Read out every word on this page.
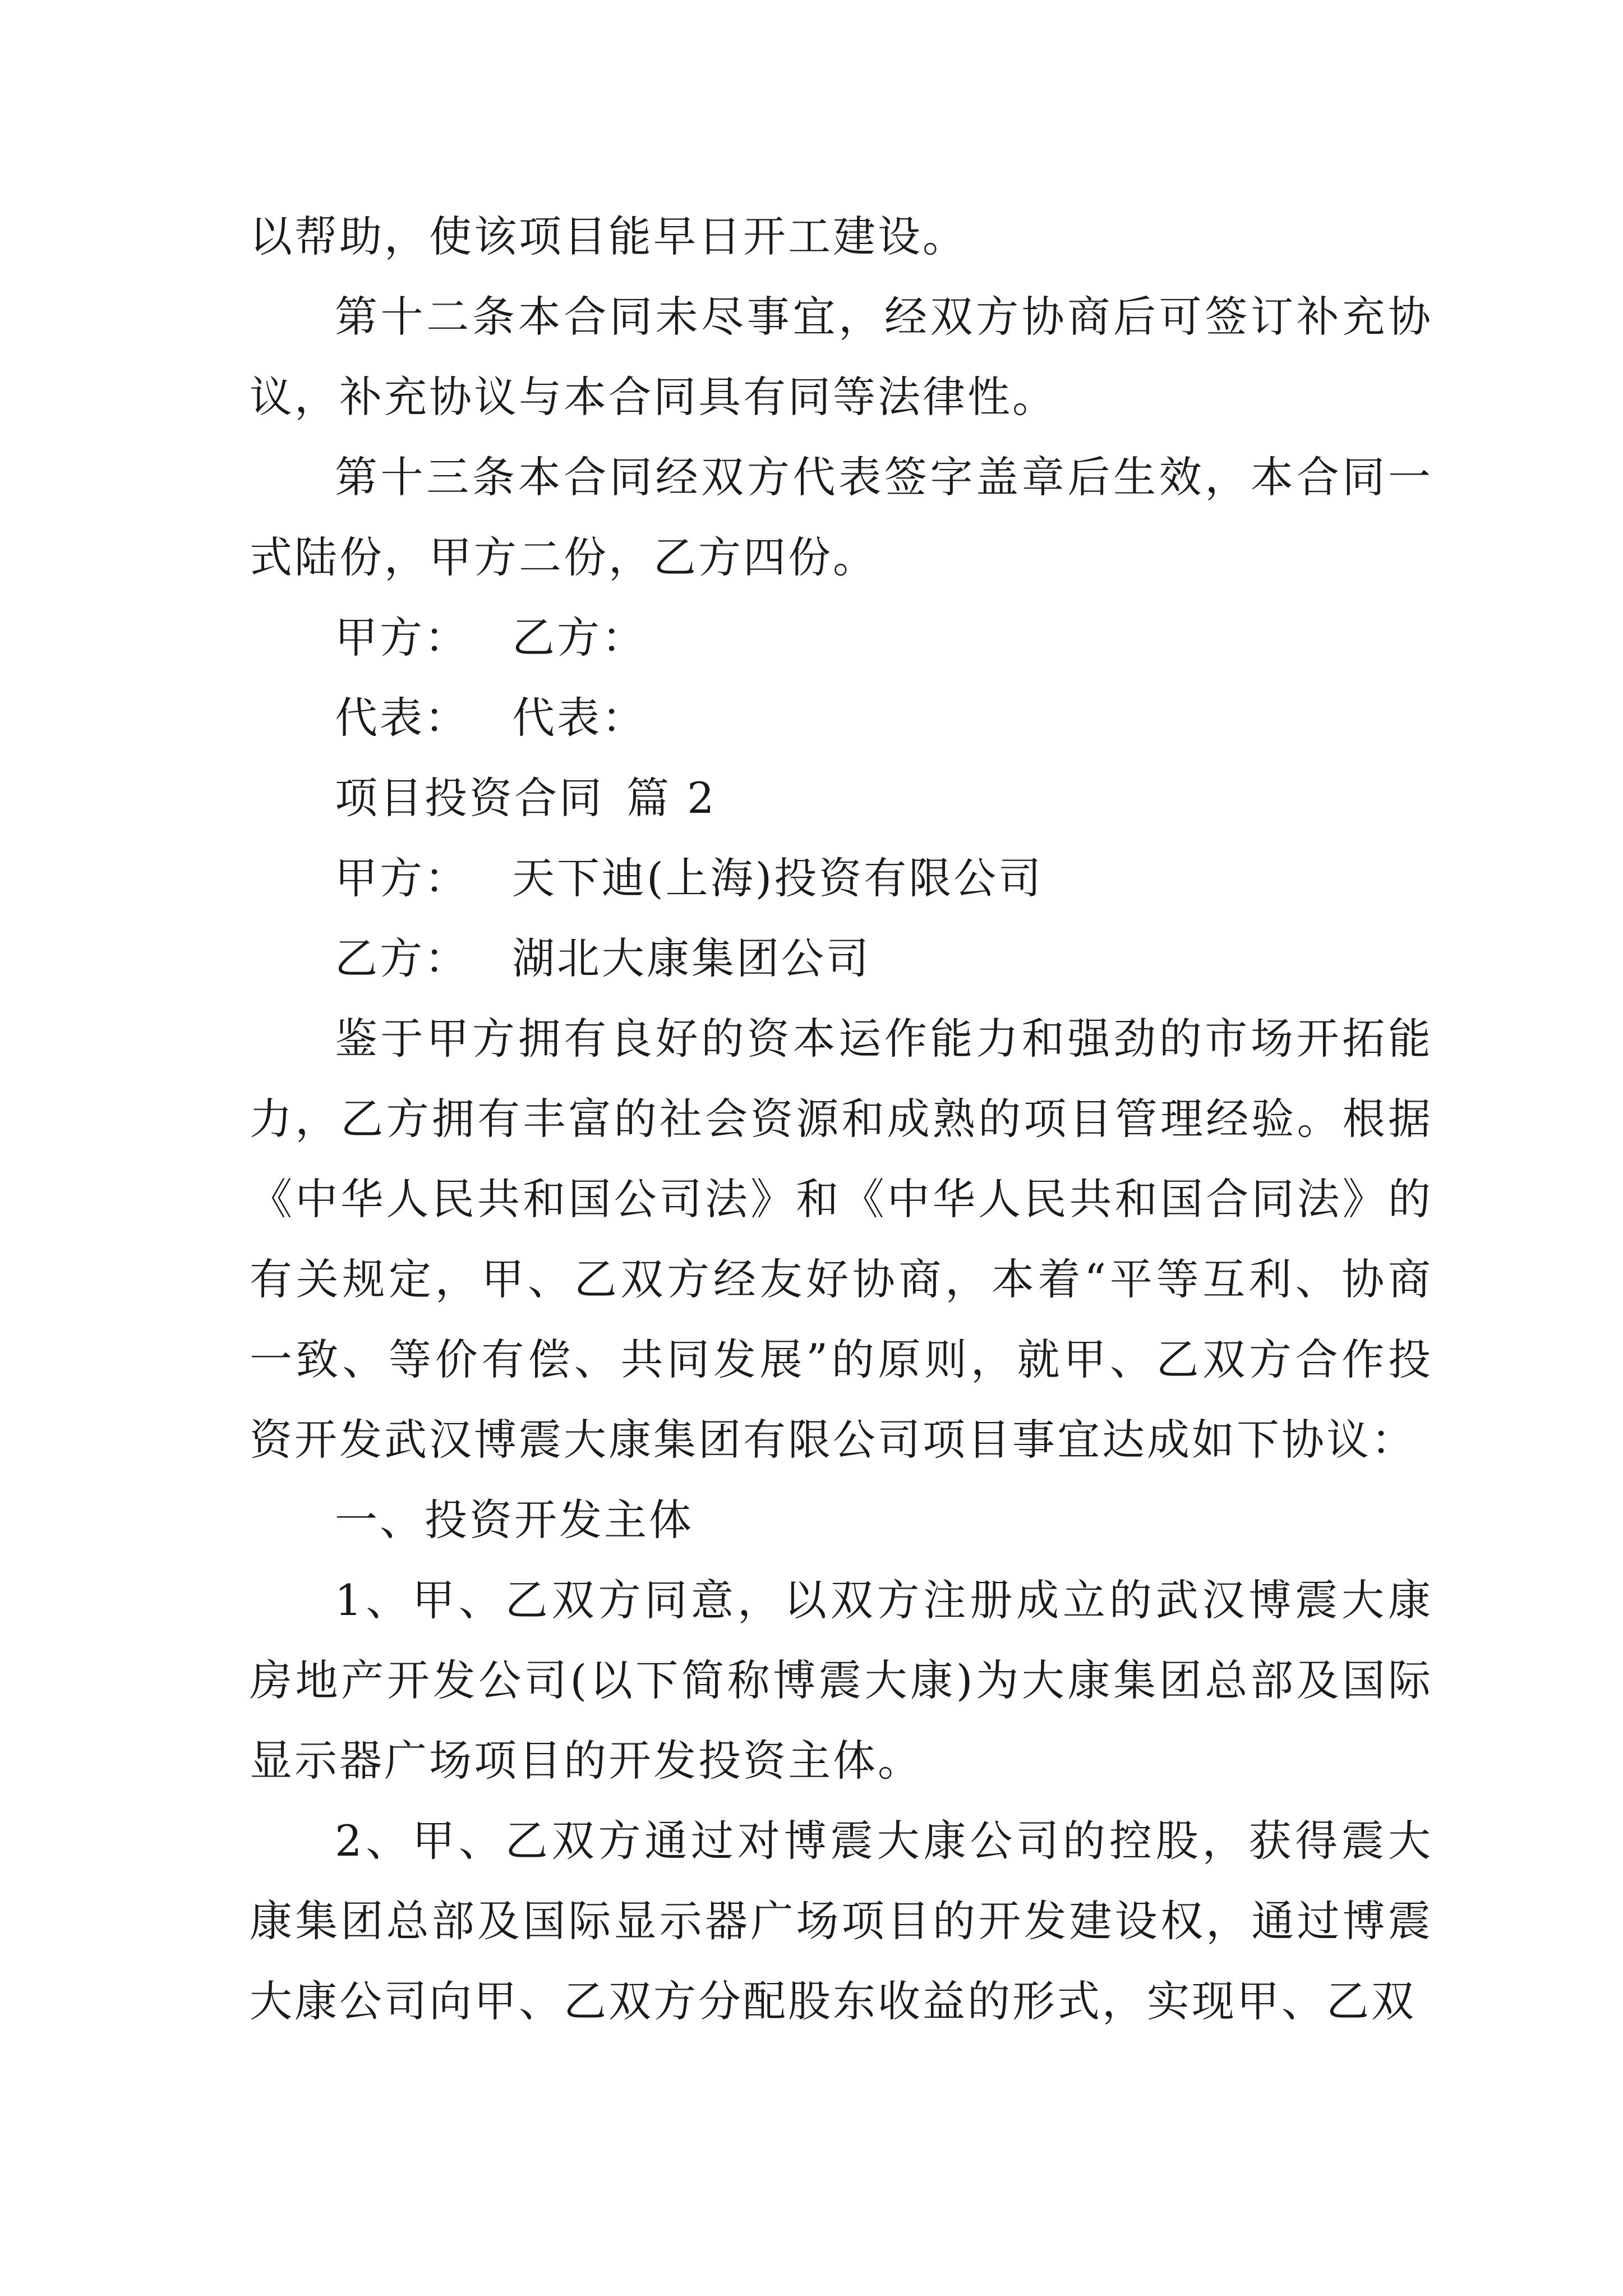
以帮助，使该项目能早日开工建设。

第十二条本合同未尽事宜，经双方协商后可签订补充协议，补充协议与本合同具有同等法律性。

第十三条本合同经双方代表签字盖章后生效，本合同一式陆份，甲方二份，乙方四份。

甲方： 乙方：

代表： 代表：

项目投资合同 篇 2

甲方： 天下迪(上海)投资有限公司

乙方： 湖北大康集团公司

鉴于甲方拥有良好的资本运作能力和强劲的市场开拓能力，乙方拥有丰富的社会资源和成熟的项目管理经验。根据《中华人民共和国公司法》和《中华人民共和国合同法》的有关规定，甲、乙双方经友好协商，本着“平等互利、协商一致、等价有偿、共同发展”的原则，就甲、乙双方合作投资开发武汉博震大康集团有限公司项目事宜达成如下协议：

一、投资开发主体

1、甲、乙双方同意，以双方注册成立的武汉博震大康房地产开发公司(以下简称博震大康)为大康集团总部及国际显示器广场项目的开发投资主体。

2、甲、乙双方通过对博震大康公司的控股，获得震大康集团总部及国际显示器广场项目的开发建设权，通过博震大康公司向甲、乙双方分配股东收益的形式，实现甲、乙双
